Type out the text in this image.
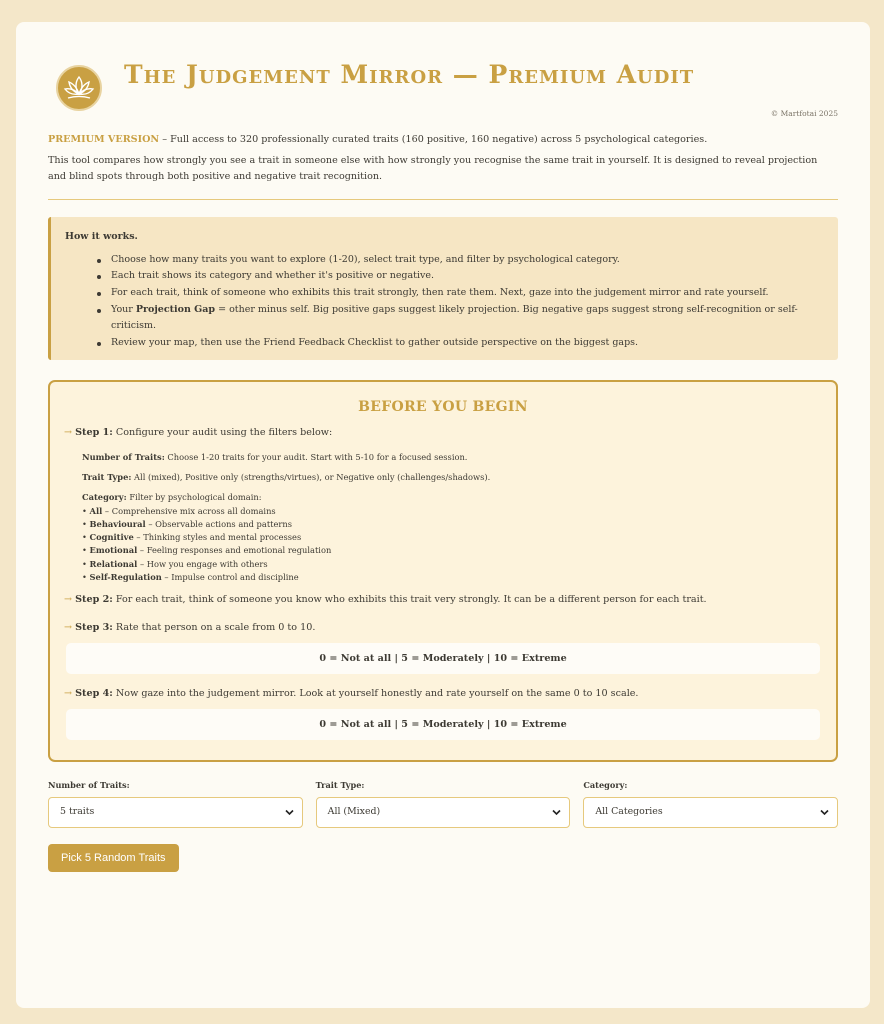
The Judgement Mirror — Premium Audit
© Martfotai 2025

PREMIUM VERSION – Full access to 320 professionally curated traits (160 positive, 160 negative) across 5 psychological categories.

This tool compares how strongly you see a trait in someone else with how strongly you recognise the same trait in yourself. It is designed to reveal projection and blind spots through both positive and negative trait recognition.

How it works.
Choose how many traits you want to explore (1-20), select trait type, and filter by psychological category.
Each trait shows its category and whether it's positive or negative.
For each trait, think of someone who exhibits this trait strongly, then rate them. Next, gaze into the judgement mirror and rate yourself.
Your Projection Gap = other minus self. Big positive gaps suggest likely projection. Big negative gaps suggest strong self-recognition or self-criticism.
Review your map, then use the Friend Feedback Checklist to gather outside perspective on the biggest gaps.
BEFORE YOU BEGIN
→ Step 1: Configure your audit using the filters below:
Number of Traits: Choose 1-20 traits for your audit. Start with 5-10 for a focused session.
Trait Type: All (mixed), Positive only (strengths/virtues), or Negative only (challenges/shadows).
Category: Filter by psychological domain:
• All – Comprehensive mix across all domains
• Behavioural – Observable actions and patterns
• Cognitive – Thinking styles and mental processes
• Emotional – Feeling responses and emotional regulation
• Relational – How you engage with others
• Self-Regulation – Impulse control and discipline
→ Step 2: For each trait, think of someone you know who exhibits this trait very strongly. It can be a different person for each trait.
→ Step 3: Rate that person on a scale from 0 to 10.
0 = Not at all | 5 = Moderately | 10 = Extreme
→ Step 4: Now gaze into the judgement mirror. Look at yourself honestly and rate yourself on the same 0 to 10 scale.
0 = Not at all | 5 = Moderately | 10 = Extreme
Number of Traits:
5 traits
Trait Type:
All (Mixed)
Category:
All Categories
Pick 5 Random Traits
